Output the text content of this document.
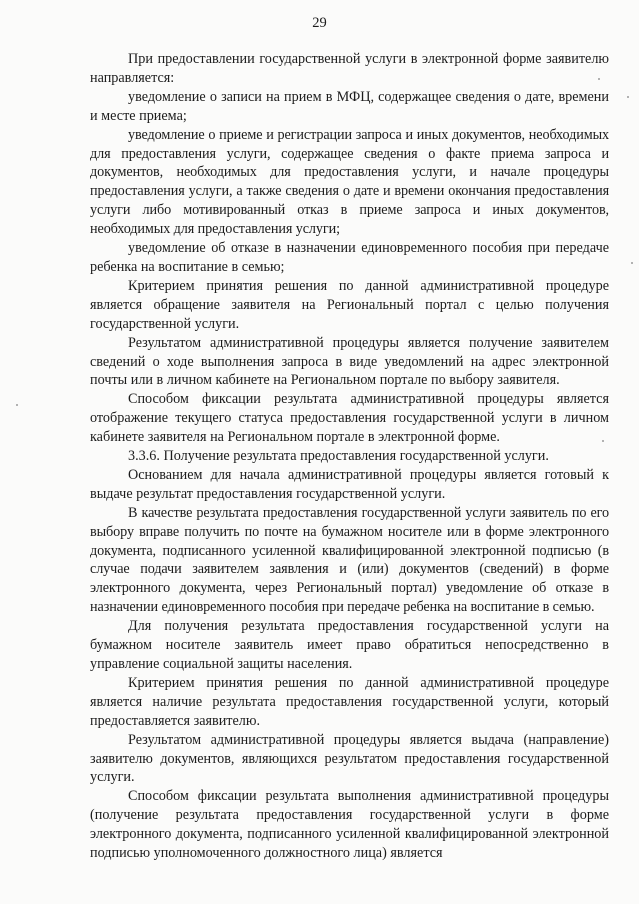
29

При предоставлении государственной услуги в электронной форме заявителю направляется:

уведомление о записи на прием в МФЦ, содержащее сведения о дате, времени и месте приема;

уведомление о приеме и регистрации запроса и иных документов, необходимых для предоставления услуги, содержащее сведения о факте приема запроса и документов, необходимых для предоставления услуги, и начале процедуры предоставления услуги, а также сведения о дате и времени окончания предоставления услуги либо мотивированный отказ в приеме запроса и иных документов, необходимых для предоставления услуги;

уведомление об отказе в назначении единовременного пособия при передаче ребенка на воспитание в семью;

Критерием принятия решения по данной административной процедуре является обращение заявителя на Региональный портал с целью получения государственной услуги.

Результатом административной процедуры является получение заявителем сведений о ходе выполнения запроса в виде уведомлений на адрес электронной почты или в личном кабинете на Региональном портале по выбору заявителя.

Способом фиксации результата административной процедуры является отображение текущего статуса предоставления государственной услуги в личном кабинете заявителя на Региональном портале в электронной форме.

3.3.6. Получение результата предоставления государственной услуги.

Основанием для начала административной процедуры является готовый к выдаче результат предоставления государственной услуги.

В качестве результата предоставления государственной услуги заявитель по его выбору вправе получить по почте на бумажном носителе или в форме электронного документа, подписанного усиленной квалифицированной электронной подписью (в случае подачи заявителем заявления и (или) документов (сведений) в форме электронного документа, через Региональный портал) уведомление об отказе в назначении единовременного пособия при передаче ребенка на воспитание в семью.

Для получения результата предоставления государственной услуги на бумажном носителе заявитель имеет право обратиться непосредственно в управление социальной защиты населения.

Критерием принятия решения по данной административной процедуре является наличие результата предоставления государственной услуги, который предоставляется заявителю.

Результатом административной процедуры является выдача (направление) заявителю документов, являющихся результатом предоставления государственной услуги.

Способом фиксации результата выполнения административной процедуры (получение результата предоставления государственной услуги в форме электронного документа, подписанного усиленной квалифицированной электронной подписью уполномоченного должностного лица) является
